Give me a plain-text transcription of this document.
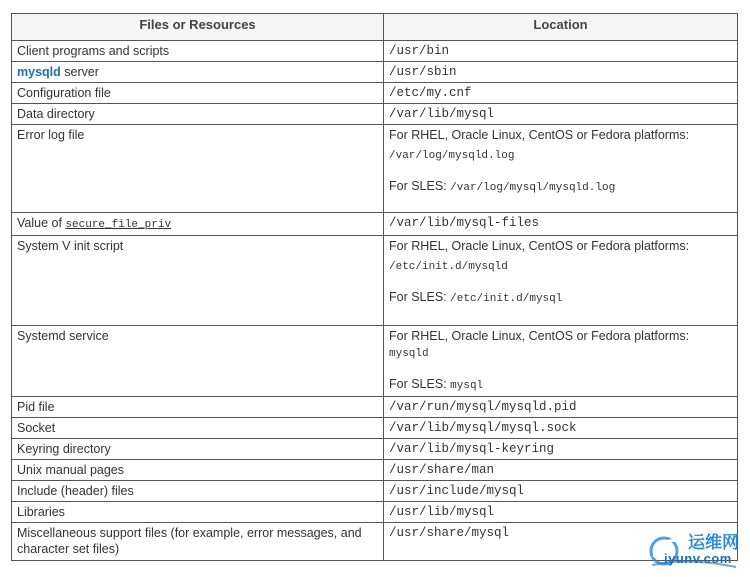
Files or Resources	Location
Client programs and scripts	/usr/bin
mysqld server	/usr/sbin
Configuration file	/etc/my.cnf
Data directory	/var/lib/mysql
Error log file	For RHEL, Oracle Linux, CentOS or Fedora platforms:

/var/log/mysqld.log

For SLES: /var/log/mysql/mysqld.log

Value of secure_file_priv	/var/lib/mysql-files
System V init script	For RHEL, Oracle Linux, CentOS or Fedora platforms:

/etc/init.d/mysqld

For SLES: /etc/init.d/mysql

Systemd service	For RHEL, Oracle Linux, CentOS or Fedora platforms: mysqld

For SLES: mysql

Pid file	/var/run/mysql/mysqld.pid
Socket	/var/lib/mysql/mysql.sock
Keyring directory	/var/lib/mysql-keyring
Unix manual pages	/usr/share/man
Include (header) files	/usr/include/mysql
Libraries	/usr/lib/mysql
Miscellaneous support files (for example, error messages, and character set files)	/usr/share/mysql	运维网
iyunv.com
